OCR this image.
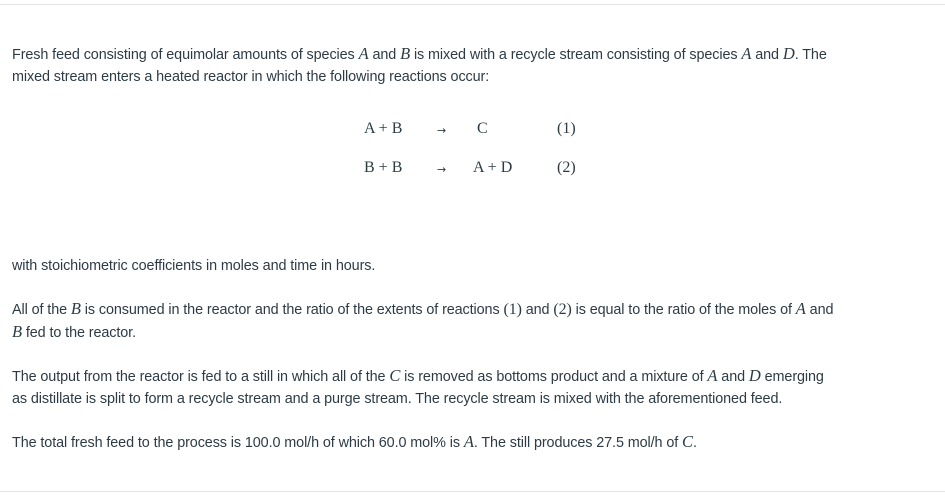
Fresh feed consisting of equimolar amounts of species A and B is mixed with a recycle stream consisting of species A and D. The
mixed stream enters a heated reactor in which the following reactions occur:

A + B	→ C	(1)
B + B	→ A + D	(2)

with stoichiometric coefficients in moles and time in hours.

All of the B is consumed in the reactor and the ratio of the extents of reactions (1) and (2) is equal to the ratio of the moles of A and
B fed to the reactor.

The output from the reactor is fed to a still in which all of the C is removed as bottoms product and a mixture of A and D emerging
as distillate is split to form a recycle stream and a purge stream. The recycle stream is mixed with the aforementioned feed.

The total fresh feed to the process is 100.0 mol/h of which 60.0 mol% is A. The still produces 27.5 mol/h of C.
